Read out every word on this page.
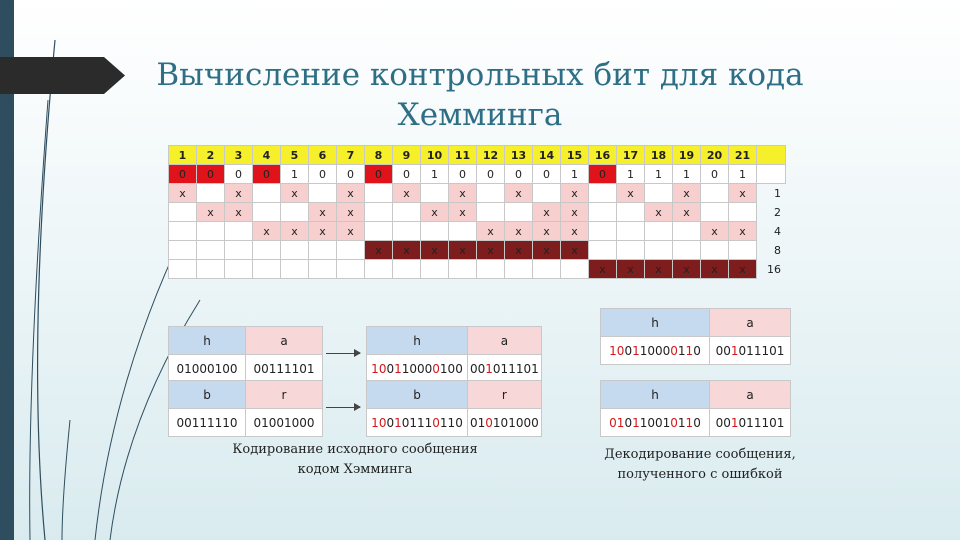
Вычисление контрольных бит для кода
Хемминга
1	2	3	4	5	6	7	8	9	10	11	12	13	14	15	16	17	18	19	20	21	
0	0	0	0	1	0	0	0	0	1	0	0	0	0	1	0	1	1	1	0	1	
x		x		x		x		x		x		x		x		x		x		x	1
	x	x			x	x			x	x			x	x			x	x			2
			x	x	x	x					x	x	x	x					x	x	4
							x	x	x	x	x	x	x	x							8
															x	x	x	x	x	x	16
h	a
01000100	00111101
b	r
00111110	01001000
h	a
100110000100	001011101
b	r
100101110110	010101000
Кодирование исходного сообщения
кодом Хэмминга
h	a
100110000110	001011101
h	a
010110010110	001011101
Декодирование сообщения,
полученного с ошибкой
